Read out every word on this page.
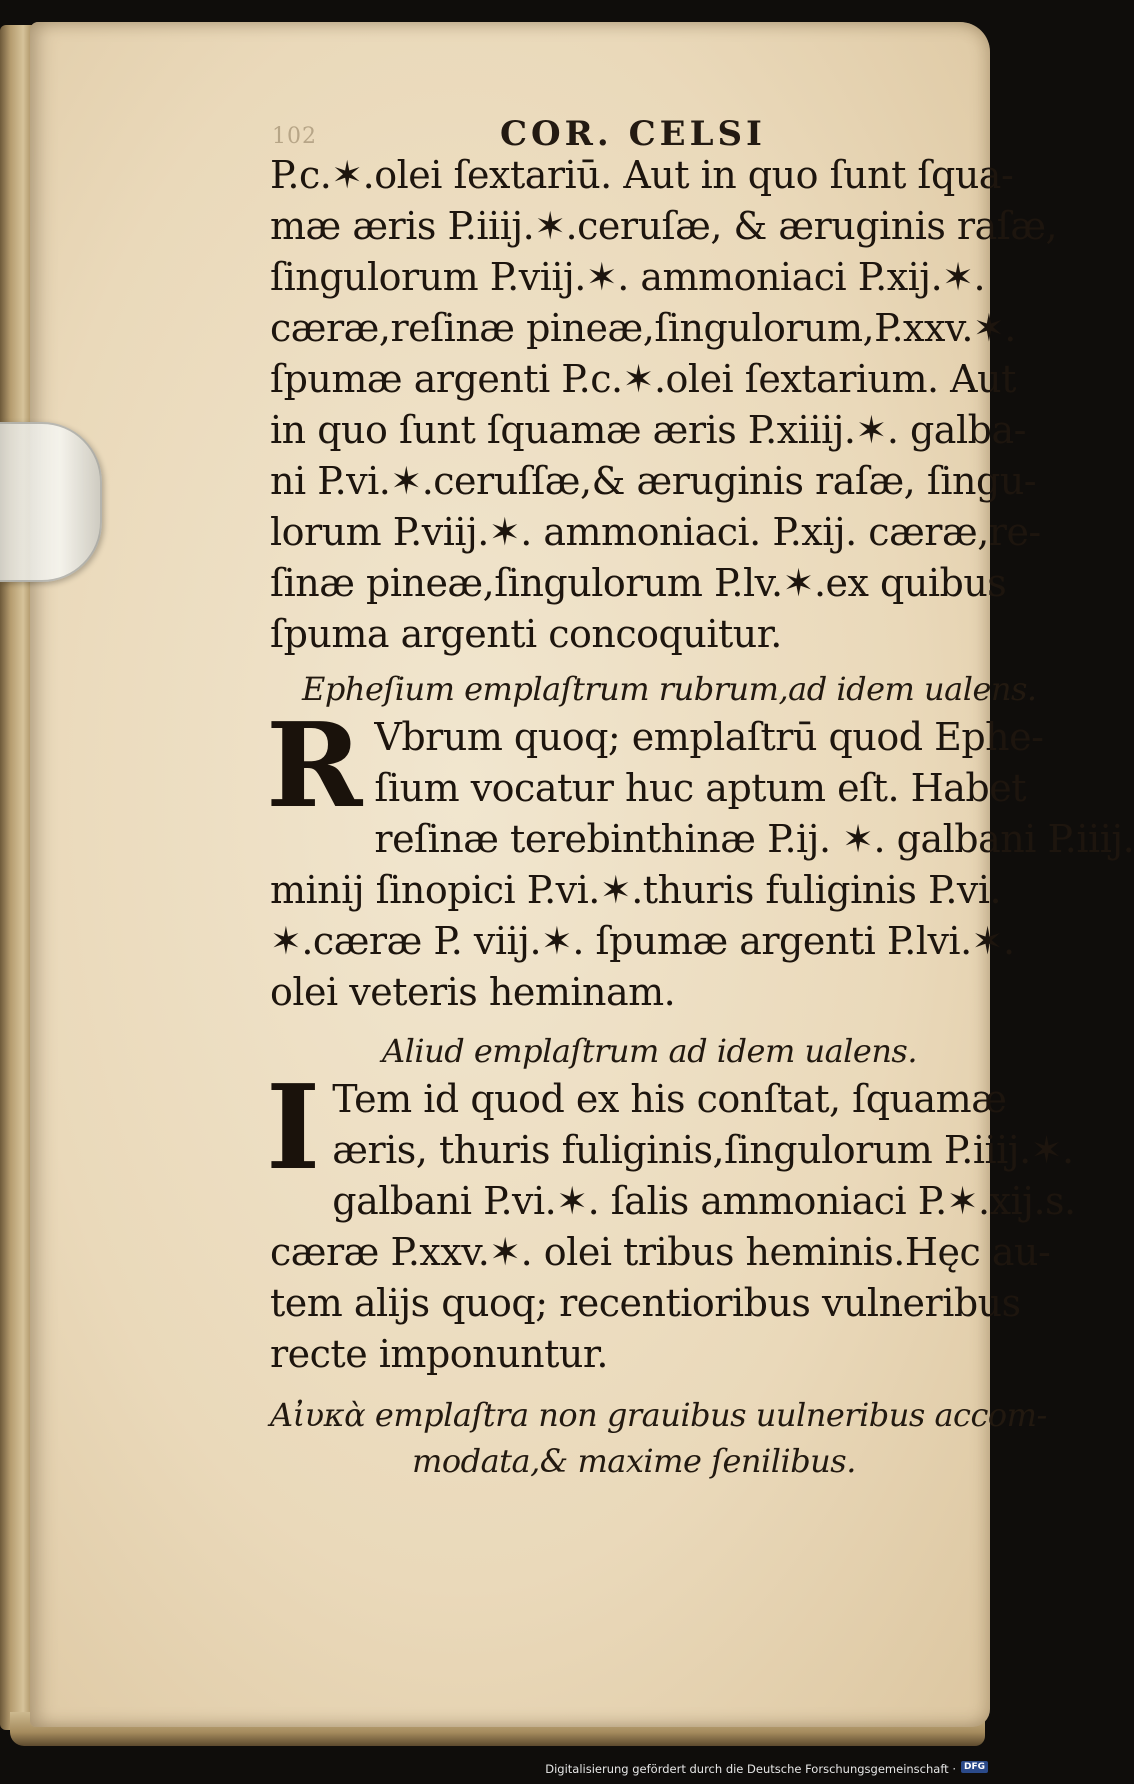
102	COR. CELSI
P.c.✶.olei ſextariū. Aut in quo ſunt ſqua-
mæ æris P.iiij.✶.ceruſæ, & æruginis raſæ,
ſingulorum P.viij.✶. ammoniaci P.xij.✶.
cæræ,reſinæ pineæ,ſingulorum,P.xxv.✶.
ſpumæ argenti P.c.✶.olei ſextarium. Aut
in quo ſunt ſquamæ æris P.xiiij.✶. galba-
ni P.vi.✶.ceruſſæ,& æruginis raſæ, ſingu-
lorum P.viij.✶. ammoniaci. P.xij. cæræ,re-
ſinæ pineæ,ſingulorum P.lv.✶.ex quibus
ſpuma argenti concoquitur.
Epheſium emplaſtrum rubrum,ad idem ualens.
R Vbrum quoq; emplaſtrū quod Ephe-
ſium vocatur huc aptum eſt. Habet
reſinæ terebinthinæ P.ij. ✶. galbani P.iiij.
minij ſinopici P.vi.✶.thuris fuliginis P.vi.
✶.cæræ P. viij.✶. ſpumæ argenti P.lvi.✶.
olei veteris heminam.
Aliud emplaſtrum ad idem ualens.
I Tem id quod ex his conſtat, ſquamæ
æris, thuris fuliginis,ſingulorum P.iiij.✶.
galbani P.vi.✶. ſalis ammoniaci P.✶.xij.s.
cæræ P.xxv.✶. olei tribus heminis.Hęc au-
tem alijs quoq; recentioribus vulneribus
recte imponuntur.
Aἰυκὰ emplaſtra non grauibus uulneribus accom-
modata,& maxime ſenilibus.
Digitalisierung gefördert durch die Deutsche Forschungsgemeinschaft · DFG
